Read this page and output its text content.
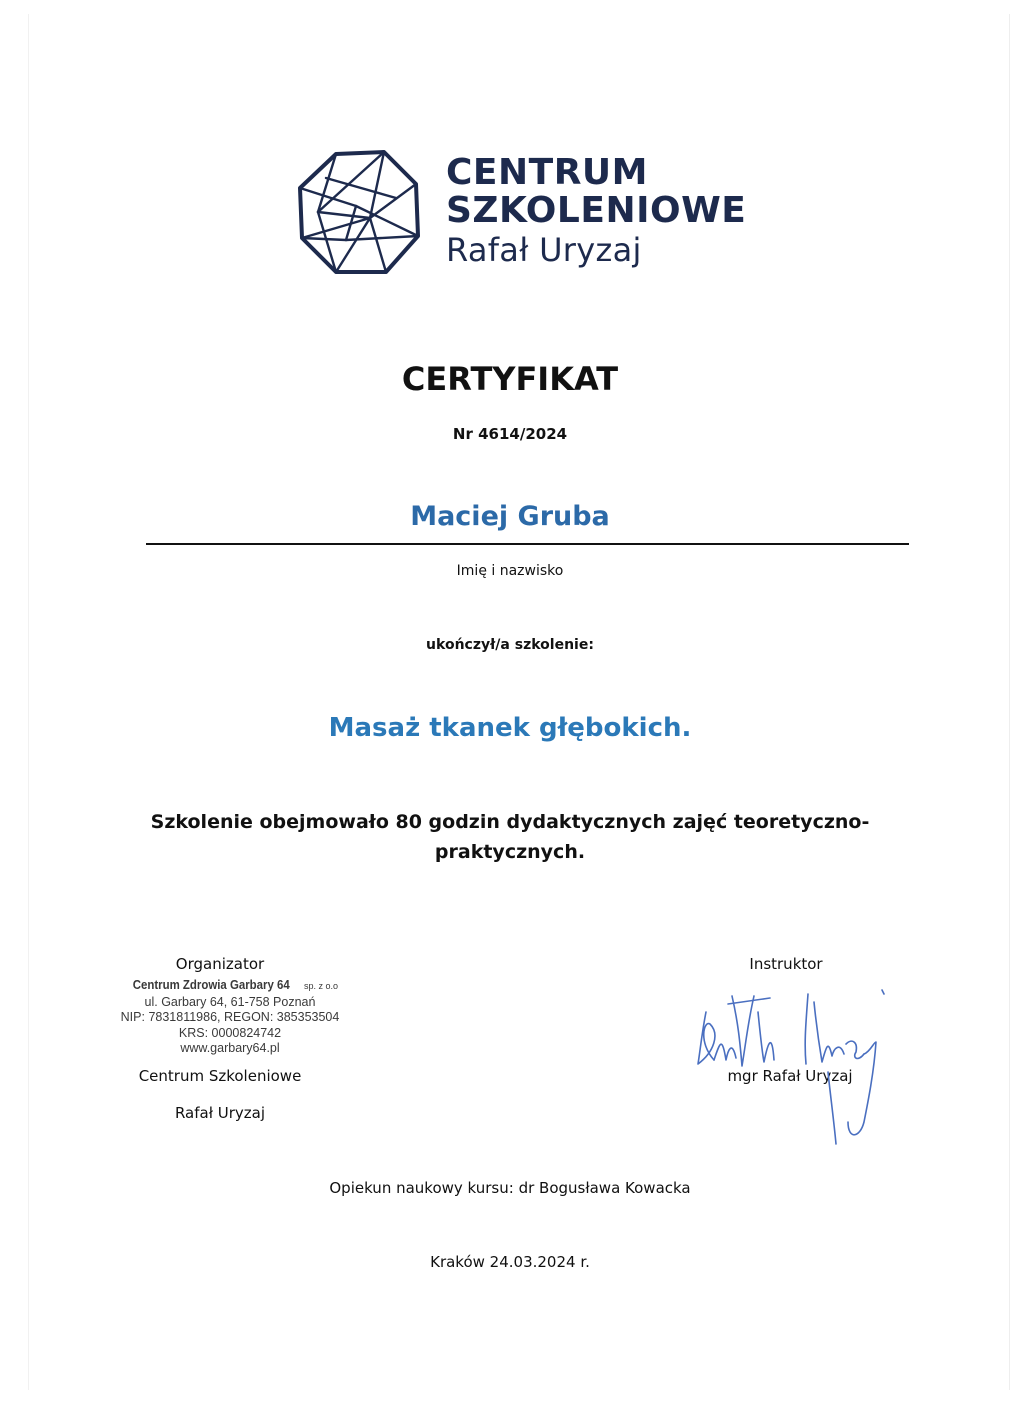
CENTRUM
SZKOLENIOWE
Rafał Uryzaj
CERTYFIKAT
Nr 4614/2024
Maciej Gruba
Imię i nazwisko
ukończył/a szkolenie:
Masaż tkanek głębokich.
Szkolenie obejmowało 80 godzin dydaktycznych zajęć teoretyczno-
praktycznych.
Organizator	Instruktor
Centrum Zdrowia Garbary 64 sp. z o.o
ul. Garbary 64, 61-758 Poznań
NIP: 7831811986, REGON: 385353504
KRS: 0000824742
www.garbary64.pl
Centrum Szkoleniowe
Rafał Uryzaj
mgr Rafał Uryzaj
Opiekun naukowy kursu: dr Bogusława Kowacka
Kraków 24.03.2024 r.
